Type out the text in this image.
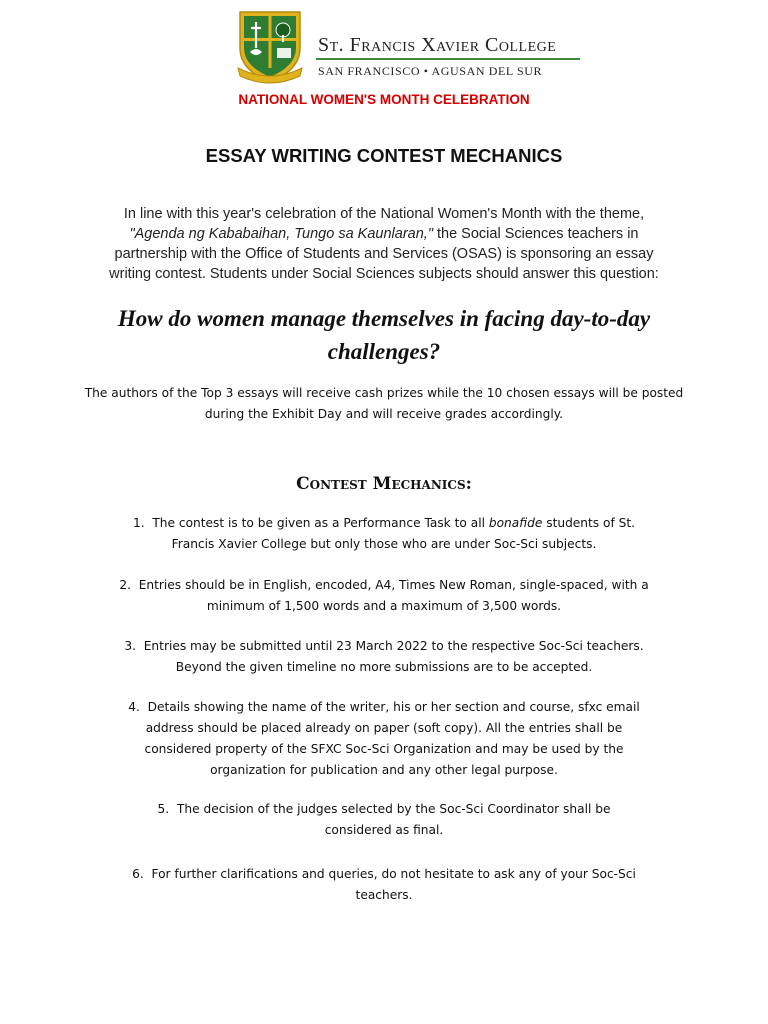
St. Francis Xavier College
SAN FRANCISCO • AGUSAN DEL SUR
NATIONAL WOMEN'S MONTH CELEBRATION
ESSAY WRITING CONTEST MECHANICS
In line with this year's celebration of the National Women's Month with the theme,
"Agenda ng Kababaihan, Tungo sa Kaunlaran," the Social Sciences teachers in partnership with the Office of Students and Services (OSAS) is sponsoring an essay writing contest. Students under Social Sciences subjects should answer this question:
How do women manage themselves in facing day-to-day challenges?
The authors of the Top 3 essays will receive cash prizes while the 10 chosen essays will be posted during the Exhibit Day and will receive grades accordingly.
Contest Mechanics:
1. The contest is to be given as a Performance Task to all bonafide students of St. Francis Xavier College but only those who are under Soc-Sci subjects.
2. Entries should be in English, encoded, A4, Times New Roman, single-spaced, with a minimum of 1,500 words and a maximum of 3,500 words.
3. Entries may be submitted until 23 March 2022 to the respective Soc-Sci teachers. Beyond the given timeline no more submissions are to be accepted.
4. Details showing the name of the writer, his or her section and course, sfxc email address should be placed already on paper (soft copy). All the entries shall be considered property of the SFXC Soc-Sci Organization and may be used by the organization for publication and any other legal purpose.
5. The decision of the judges selected by the Soc-Sci Coordinator shall be considered as final.
6. For further clarifications and queries, do not hesitate to ask any of your Soc-Sci teachers.
